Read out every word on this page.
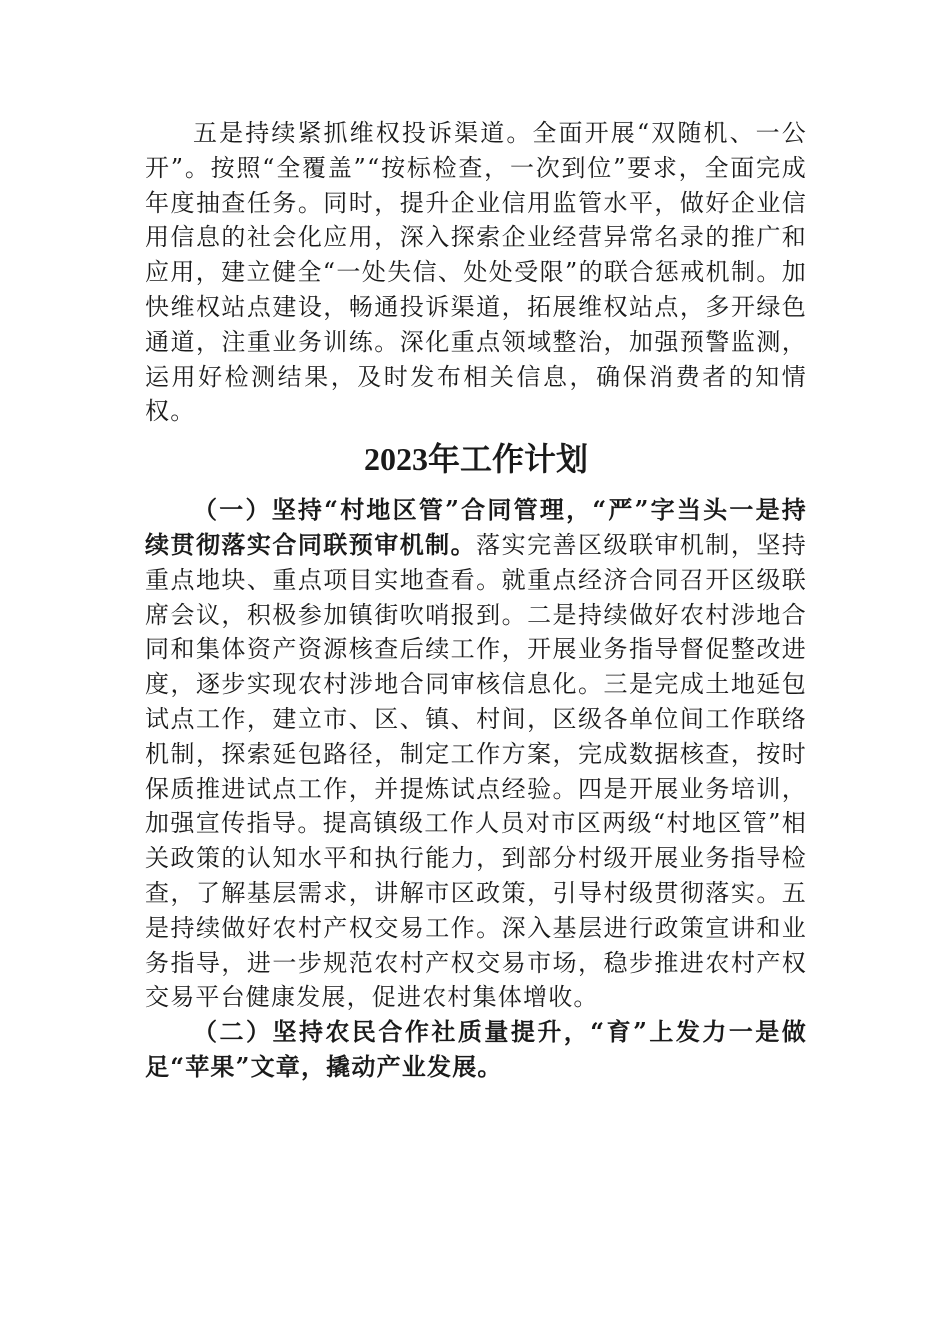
五是持续紧抓维权投诉渠道。全面开展“双随机、一公开”。按照“全覆盖”“按标检查，一次到位”要求，全面完成年度抽查任务。同时，提升企业信用监管水平，做好企业信用信息的社会化应用，深入探索企业经营异常名录的推广和应用，建立健全“一处失信、处处受限”的联合惩戒机制。加快维权站点建设，畅通投诉渠道，拓展维权站点，多开绿色通道，注重业务训练。深化重点领域整治，加强预警监测，运用好检测结果，及时发布相关信息，确保消费者的知情权。

2023年工作计划

（一）坚持“村地区管”合同管理，“严”字当头一是持续贯彻落实合同联预审机制。落实完善区级联审机制，坚持重点地块、重点项目实地查看。就重点经济合同召开区级联席会议，积极参加镇街吹哨报到。二是持续做好农村涉地合同和集体资产资源核查后续工作，开展业务指导督促整改进度，逐步实现农村涉地合同审核信息化。三是完成土地延包试点工作，建立市、区、镇、村间，区级各单位间工作联络机制，探索延包路径，制定工作方案，完成数据核查，按时保质推进试点工作，并提炼试点经验。四是开展业务培训，加强宣传指导。提高镇级工作人员对市区两级“村地区管”相关政策的认知水平和执行能力，到部分村级开展业务指导检查，了解基层需求，讲解市区政策，引导村级贯彻落实。五是持续做好农村产权交易工作。深入基层进行政策宣讲和业务指导，进一步规范农村产权交易市场，稳步推进农村产权交易平台健康发展，促进农村集体增收。

（二）坚持农民合作社质量提升，“育”上发力一是做足“苹果”文章，撬动产业发展。
